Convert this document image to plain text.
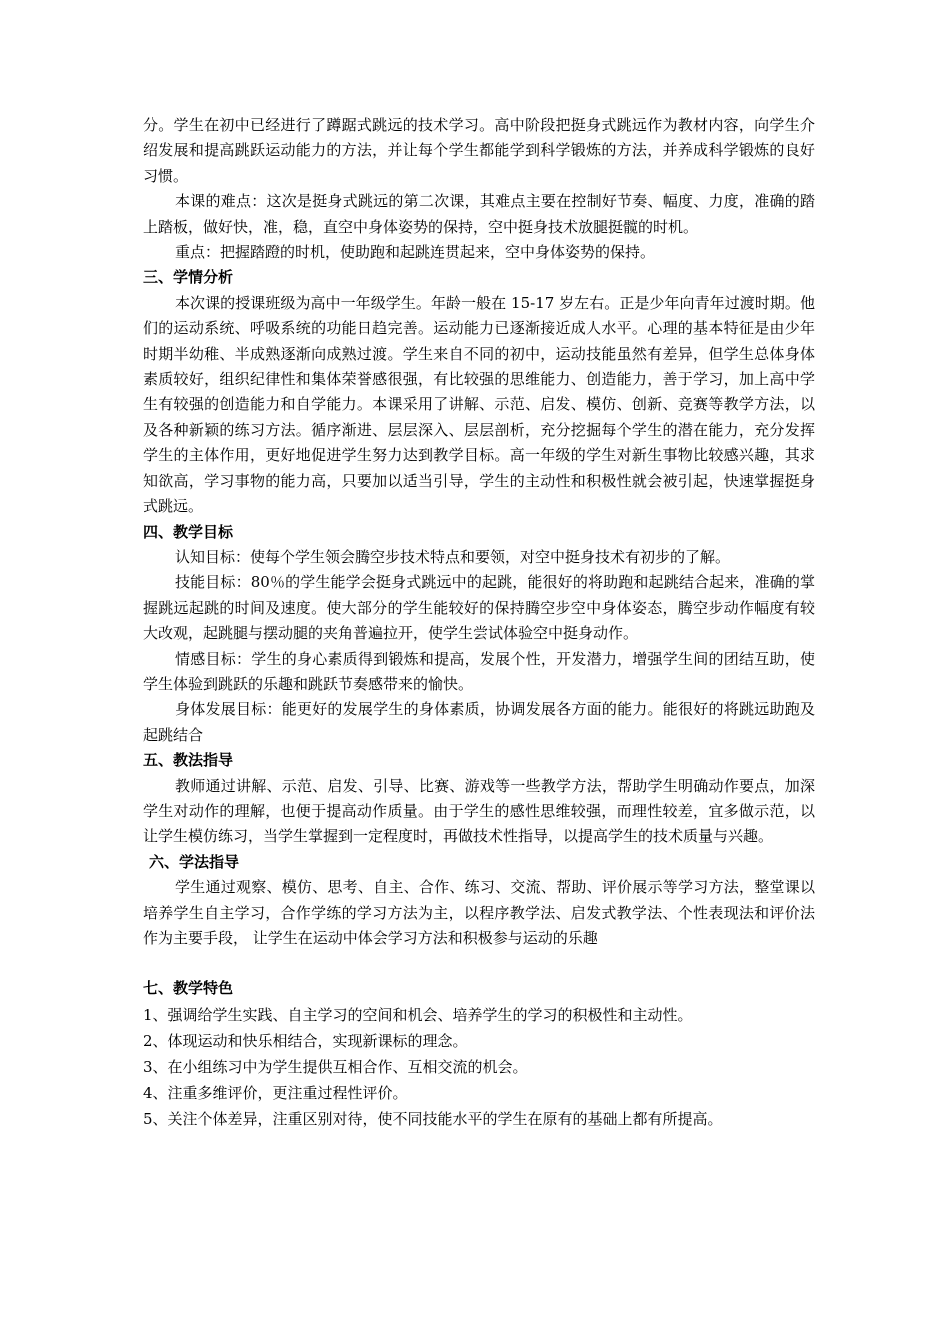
分。学生在初中已经进行了蹲踞式跳远的技术学习。高中阶段把挺身式跳远作为教材内容，向学生介绍发展和提高跳跃运动能力的方法，并让每个学生都能学到科学锻炼的方法，并养成科学锻炼的良好习惯。

本课的难点：这次是挺身式跳远的第二次课，其难点主要在控制好节奏、幅度、力度，准确的踏上踏板，做好快，准，稳，直空中身体姿势的保持，空中挺身技术放腿挺髋的时机。

重点：把握踏蹬的时机，使助跑和起跳连贯起来，空中身体姿势的保持。

三、学情分析

本次课的授课班级为高中一年级学生。年龄一般在 15-17 岁左右。正是少年向青年过渡时期。他们的运动系统、呼吸系统的功能日趋完善。运动能力已逐渐接近成人水平。心理的基本特征是由少年时期半幼稚、半成熟逐渐向成熟过渡。学生来自不同的初中，运动技能虽然有差异，但学生总体身体素质较好，组织纪律性和集体荣誉感很强，有比较强的思维能力、创造能力，善于学习，加上高中学生有较强的创造能力和自学能力。本课采用了讲解、示范、启发、模仿、创新、竞赛等教学方法，以及各种新颖的练习方法。循序渐进、层层深入、层层剖析，充分挖掘每个学生的潜在能力，充分发挥学生的主体作用，更好地促进学生努力达到教学目标。高一年级的学生对新生事物比较感兴趣，其求知欲高，学习事物的能力高，只要加以适当引导，学生的主动性和积极性就会被引起，快速掌握挺身式跳远。

四、教学目标

认知目标：使每个学生领会腾空步技术特点和要领，对空中挺身技术有初步的了解。

技能目标：80％的学生能学会挺身式跳远中的起跳，能很好的将助跑和起跳结合起来，准确的掌握跳远起跳的时间及速度。使大部分的学生能较好的保持腾空步空中身体姿态，腾空步动作幅度有较大改观，起跳腿与摆动腿的夹角普遍拉开，使学生尝试体验空中挺身动作。

情感目标：学生的身心素质得到锻炼和提高，发展个性，开发潜力，增强学生间的团结互助，使学生体验到跳跃的乐趣和跳跃节奏感带来的愉快。

身体发展目标：能更好的发展学生的身体素质，协调发展各方面的能力。能很好的将跳远助跑及起跳结合

五、教法指导

教师通过讲解、示范、启发、引导、比赛、游戏等一些教学方法，帮助学生明确动作要点，加深学生对动作的理解，也便于提高动作质量。由于学生的感性思维较强，而理性较差，宜多做示范，以让学生模仿练习，当学生掌握到一定程度时，再做技术性指导，以提高学生的技术质量与兴趣。

六、学法指导

学生通过观察、模仿、思考、自主、合作、练习、交流、帮助、评价展示等学习方法，整堂课以培养学生自主学习，合作学练的学习方法为主，以程序教学法、启发式教学法、个性表现法和评价法作为主要手段， 让学生在运动中体会学习方法和积极参与运动的乐趣

七、教学特色

1、强调给学生实践、自主学习的空间和机会、培养学生的学习的积极性和主动性。

2、体现运动和快乐相结合，实现新课标的理念。

3、在小组练习中为学生提供互相合作、互相交流的机会。

4、注重多维评价，更注重过程性评价。

5、关注个体差异，注重区别对待，使不同技能水平的学生在原有的基础上都有所提高。
